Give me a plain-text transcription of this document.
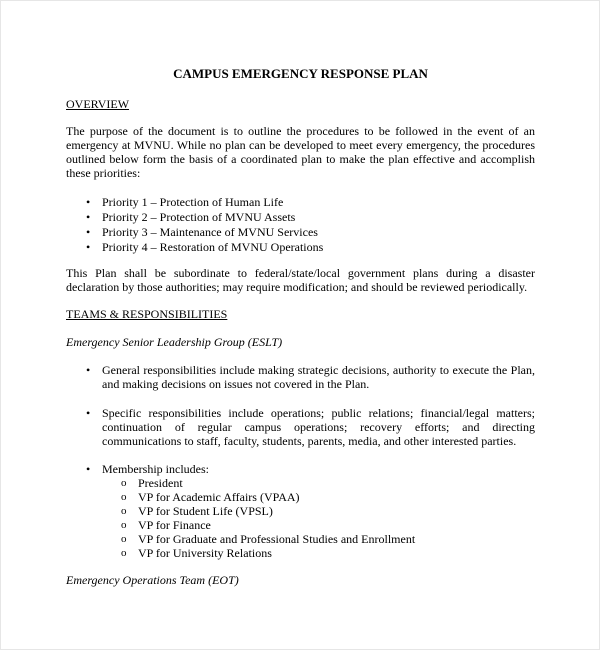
CAMPUS EMERGENCY RESPONSE PLAN
OVERVIEW
The purpose of the document is to outline the procedures to be followed in the event of an emergency at MVNU. While no plan can be developed to meet every emergency, the procedures outlined below form the basis of a coordinated plan to make the plan effective and accomplish these priorities:
• Priority 1 – Protection of Human Life
• Priority 2 – Protection of MVNU Assets
• Priority 3 – Maintenance of MVNU Services
• Priority 4 – Restoration of MVNU Operations
This Plan shall be subordinate to federal/state/local government plans during a disaster declaration by those authorities; may require modification; and should be reviewed periodically.
TEAMS & RESPONSIBILITIES
Emergency Senior Leadership Group (ESLT)
• General responsibilities include making strategic decisions, authority to execute the Plan, and making decisions on issues not covered in the Plan.
• Specific responsibilities include operations; public relations; financial/legal matters; continuation of regular campus operations; recovery efforts; and directing communications to staff, faculty, students, parents, media, and other interested parties.
• Membership includes:
o President
o VP for Academic Affairs (VPAA)
o VP for Student Life (VPSL)
o VP for Finance
o VP for Graduate and Professional Studies and Enrollment
o VP for University Relations
Emergency Operations Team (EOT)
